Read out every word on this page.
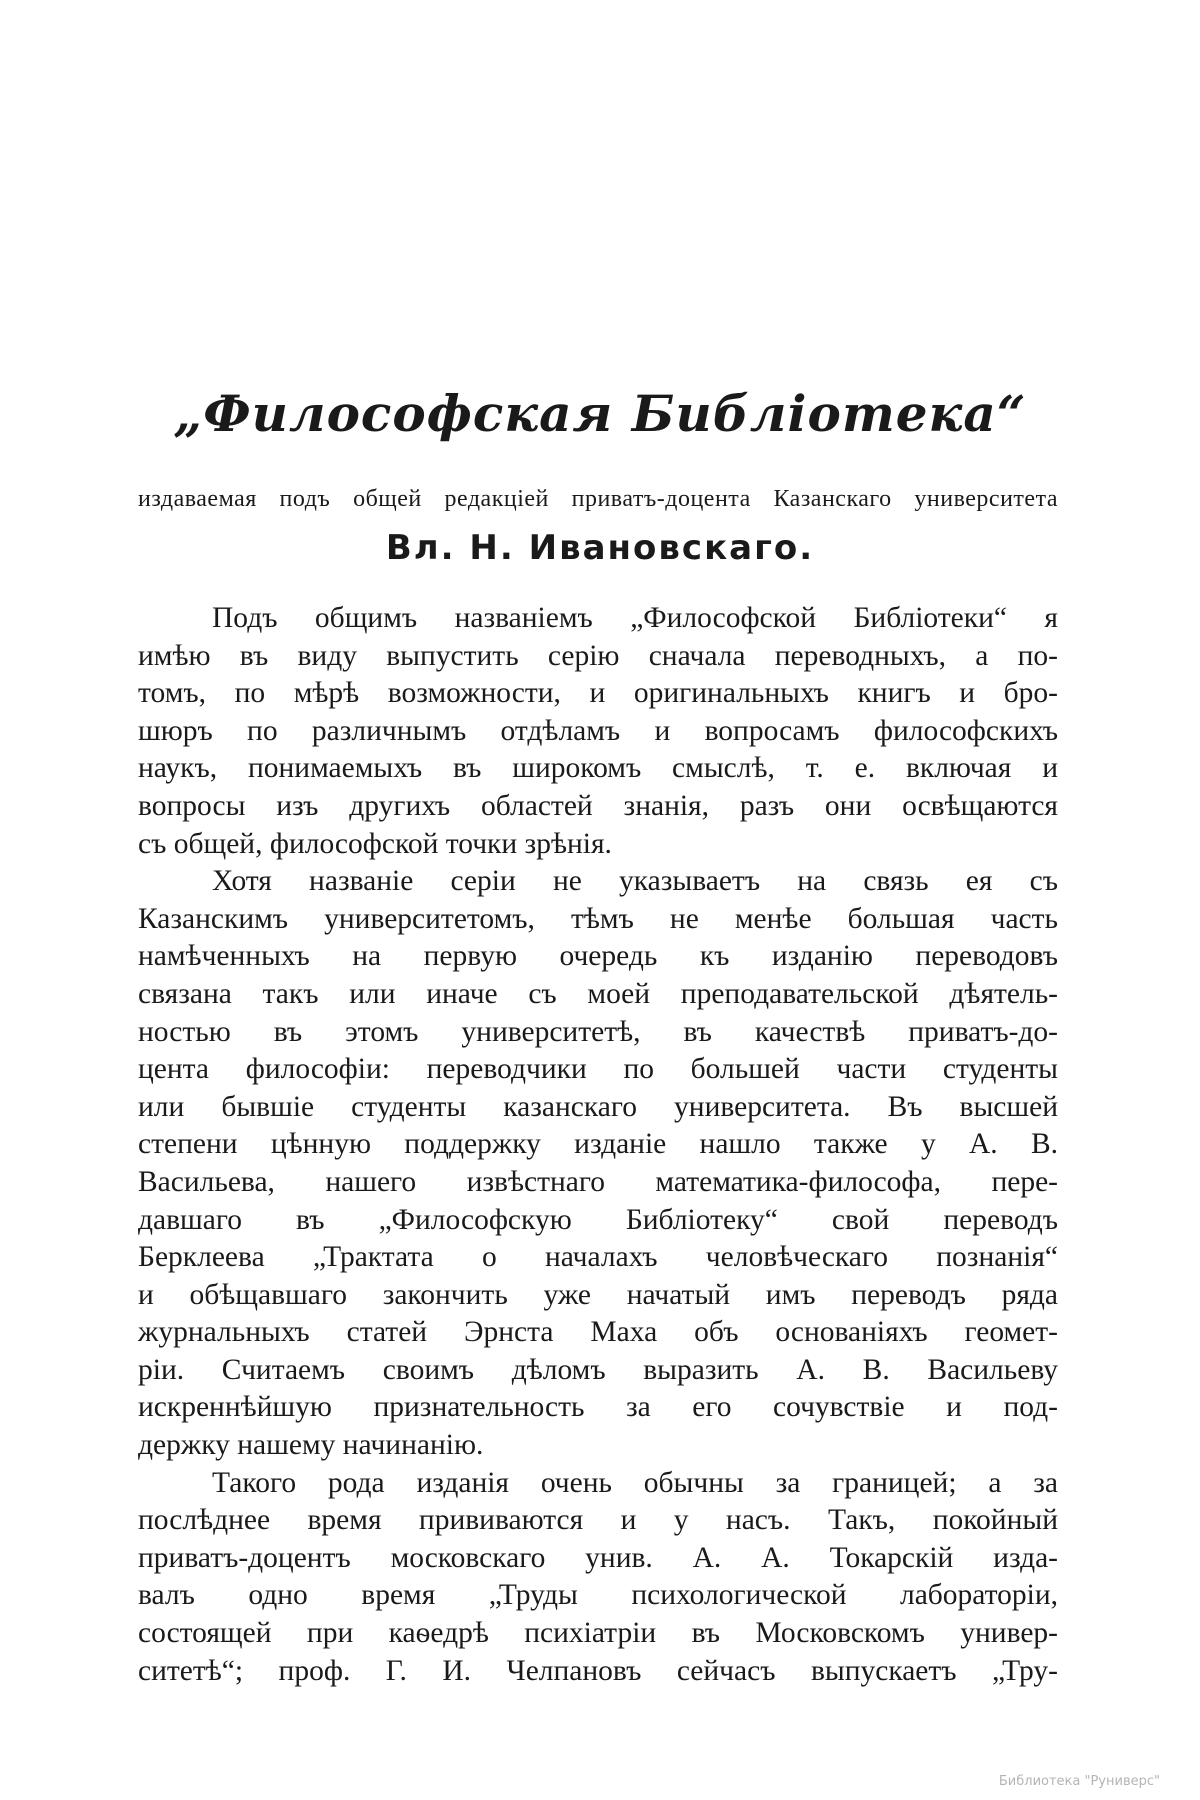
„Философская Библіотека“

издаваемая подъ общей редакціей приватъ-доцента Казанскаго университета

Вл. Н. Ивановскаго.

Подъ общимъ названіемъ „Философской Библіотеки“ я
имѣю въ виду выпустить серію сначала переводныхъ, а по-
томъ, по мѣрѣ возможности, и оригинальныхъ книгъ и бро-
шюръ по различнымъ отдѣламъ и вопросамъ философскихъ
наукъ, понимаемыхъ въ широкомъ смыслѣ, т. е. включая и
вопросы изъ другихъ областей знанія, разъ они освѣщаются
съ общей, философской точки зрѣнія.
Хотя названіе серіи не указываетъ на связь ея съ
Казанскимъ университетомъ, тѣмъ не менѣе большая часть
намѣченныхъ на первую очередь къ изданію переводовъ
связана такъ или иначе съ моей преподавательской дѣятель-
ностью въ этомъ университетѣ, въ качествѣ приватъ-до-
цента философіи: переводчики по большей части студенты
или бывшіе студенты казанскаго университета. Въ высшей
степени цѣнную поддержку изданіе нашло также у А. В.
Васильева, нашего извѣстнаго математика-философа, пере-
давшаго въ „Философскую Библіотеку“ свой переводъ
Берклеева „Трактата о началахъ человѣческаго познанія“
и обѣщавшаго закончить уже начатый имъ переводъ ряда
журнальныхъ статей Эрнста Маха объ основаніяхъ геомет-
ріи. Считаемъ своимъ дѣломъ выразить А. В. Васильеву
искреннѣйшую признательность за его сочувствіе и под-
держку нашему начинанію.
Такого рода изданія очень обычны за границей; а за
послѣднее время прививаются и у насъ. Такъ, покойный
приватъ-доцентъ московскаго унив. А. А. Токарскій изда-
валъ одно время „Труды психологической лабораторіи,
состоящей при каѳедрѣ психіатріи въ Московскомъ универ-
ситетѣ“; проф. Г. И. Челпановъ сейчасъ выпускаетъ „Тру-

Библиотека "Руниверс"
